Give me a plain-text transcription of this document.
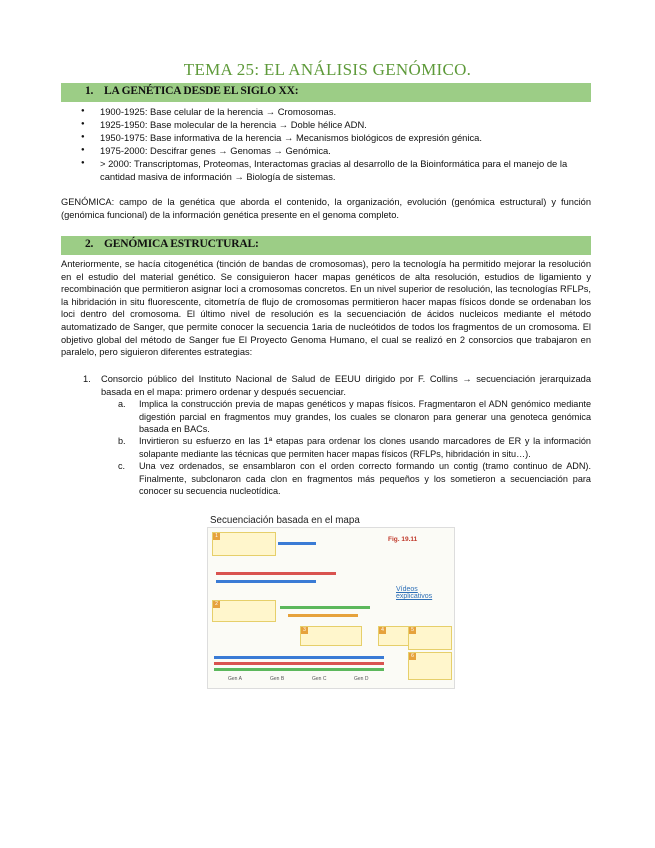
TEMA 25: EL ANÁLISIS GENÓMICO.
1. LA GENÉTICA DESDE EL SIGLO XX:
● 1900-1925: Base celular de la herencia → Cromosomas.
● 1925-1950: Base molecular de la herencia → Doble hélice ADN.
● 1950-1975: Base informativa de la herencia → Mecanismos biológicos de expresión génica.
● 1975-2000: Descifrar genes → Genomas → Genómica.
● > 2000: Transcriptomas, Proteomas, Interactomas gracias al desarrollo de la Bioinformática para el manejo de la cantidad masiva de información → Biología de sistemas.

GENÓMICA: campo de la genética que aborda el contenido, la organización, evolución (genómica estructural) y función (genómica funcional) de la información genética presente en el genoma completo.

2. GENÓMICA ESTRUCTURAL:

Anteriormente, se hacía citogenética (tinción de bandas de cromosomas), pero la tecnología ha permitido mejorar la resolución en el estudio del material genético. Se consiguieron hacer mapas genéticos de alta resolución, estudios de ligamiento y recombinación que permitieron asignar loci a cromosomas concretos. En un nivel superior de resolución, las tecnologías RFLPs, la hibridación in situ fluorescente, citometría de flujo de cromosomas permitieron hacer mapas físicos donde se ordenaban los loci dentro del cromosoma. El último nivel de resolución es la secuenciación de ácidos nucleicos mediante el método automatizado de Sanger, que permite conocer la secuencia 1aria de nucleótidos de todos los fragmentos de un cromosoma. El objetivo global del método de Sanger fue El Proyecto Genoma Humano, el cual se realizó en 2 consorcios que trabajaron en paralelo, pero siguieron diferentes estrategias:

1. Consorcio público del Instituto Nacional de Salud de EEUU dirigido por F. Collins → secuenciación jerarquizada basada en el mapa: primero ordenar y después secuenciar.
a. Implica la construcción previa de mapas genéticos y mapas físicos. Fragmentaron el ADN genómico mediante digestión parcial en fragmentos muy grandes, los cuales se clonaron para generar una genoteca genómica basada en BACs.
b. Invirtieron su esfuerzo en las 1ª etapas para ordenar los clones usando marcadores de ER y la información solapante mediante las técnicas que permiten hacer mapas físicos (RFLPs, hibridación in situ…).
c. Una vez ordenados, se ensamblaron con el orden correcto formando un contig (tramo continuo de ADN). Finalmente, subclonaron cada clon en fragmentos más pequeños y los sometieron a secuenciación para conocer su secuencia nucleotídica.
Secuenciación basada en el mapa
Fig. 19.11
Vídeos explicativos
1
2
3	4	5
6
Gen A	Gen B	Gen C	Gen D
